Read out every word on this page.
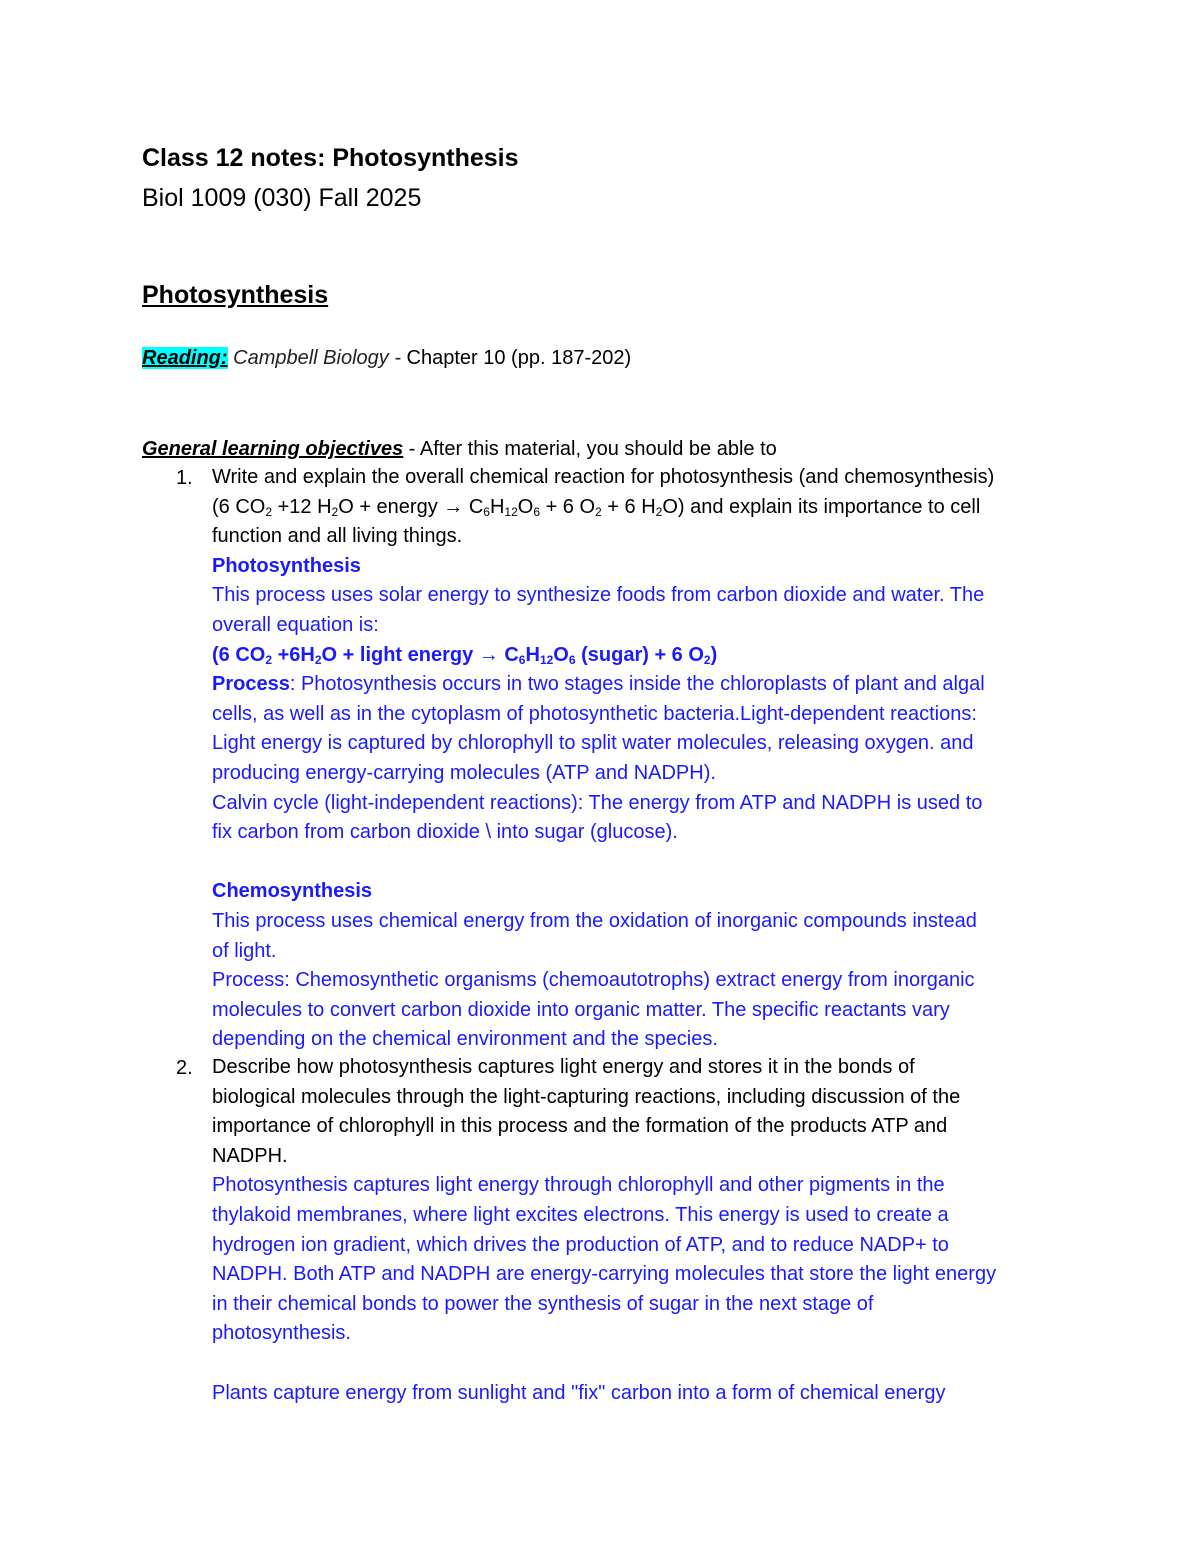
Class 12 notes: Photosynthesis
Biol 1009 (030) Fall 2025
Photosynthesis
Reading: Campbell Biology - Chapter 10 (pp. 187-202)
General learning objectives - After this material, you should be able to
1. Write and explain the overall chemical reaction for photosynthesis (and chemosynthesis)
(6 $CO_2 +12$ $H_2O$ + energy → $C_6H_{12}O_6 + 6$ $O_2 + 6$ $H_2O$) and explain its importance to cell
function and all living things.
Photosynthesis
This process uses solar energy to synthesize foods from carbon dioxide and water. The
overall equation is:
(6 $CO_2 +6H_2O$ + light energy → $C_6H_{12}O_6$ (sugar) + 6 $O_2$)
Process: Photosynthesis occurs in two stages inside the chloroplasts of plant and algal
cells, as well as in the cytoplasm of photosynthetic bacteria.Light-dependent reactions:
Light energy is captured by chlorophyll to split water molecules, releasing oxygen. and
producing energy-carrying molecules (ATP and NADPH).
Calvin cycle (light-independent reactions): The energy from ATP and NADPH is used to
fix carbon from carbon dioxide \ into sugar (glucose).
Chemosynthesis
This process uses chemical energy from the oxidation of inorganic compounds instead
of light.
Process: Chemosynthetic organisms (chemoautotrophs) extract energy from inorganic
molecules to convert carbon dioxide into organic matter. The specific reactants vary
depending on the chemical environment and the species.
2. Describe how photosynthesis captures light energy and stores it in the bonds of
biological molecules through the light-capturing reactions, including discussion of the
importance of chlorophyll in this process and the formation of the products ATP and
NADPH.
Photosynthesis captures light energy through chlorophyll and other pigments in the
thylakoid membranes, where light excites electrons. This energy is used to create a
hydrogen ion gradient, which drives the production of ATP, and to reduce NADP+ to
NADPH. Both ATP and NADPH are energy-carrying molecules that store the light energy
in their chemical bonds to power the synthesis of sugar in the next stage of
photosynthesis.
Plants capture energy from sunlight and "fix" carbon into a form of chemical energy
